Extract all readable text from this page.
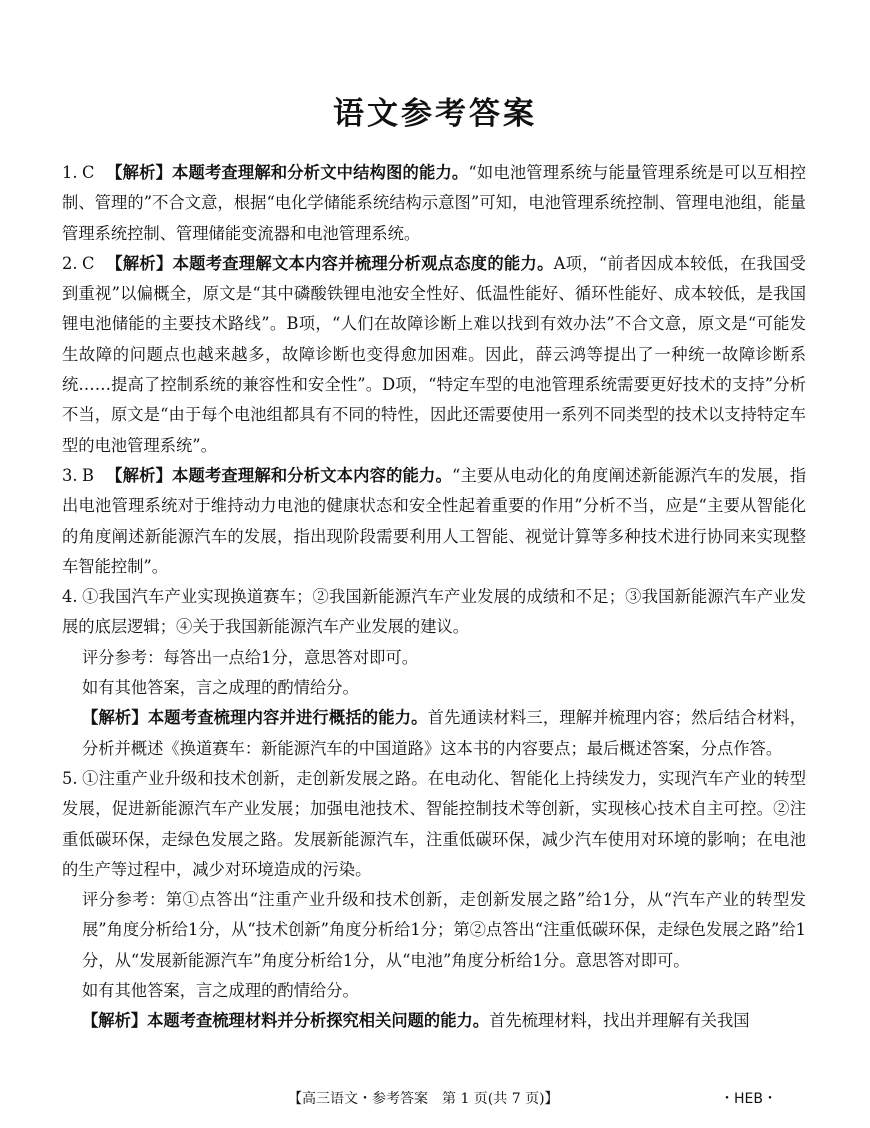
语文参考答案

1. C 【解析】本题考查理解和分析文中结构图的能力。“如电池管理系统与能量管理系统是可以互相控制、管理的”不合文意，根据“电化学储能系统结构示意图”可知，电池管理系统控制、管理电池组，能量管理系统控制、管理储能变流器和电池管理系统。

2. C 【解析】本题考查理解文本内容并梳理分析观点态度的能力。A项，“前者因成本较低，在我国受到重视”以偏概全，原文是“其中磷酸铁锂电池安全性好、低温性能好、循环性能好、成本较低，是我国锂电池储能的主要技术路线”。B项，“人们在故障诊断上难以找到有效办法”不合文意，原文是“可能发生故障的问题点也越来越多，故障诊断也变得愈加困难。因此，薛云鸿等提出了一种统一故障诊断系统……提高了控制系统的兼容性和安全性”。D项，“特定车型的电池管理系统需要更好技术的支持”分析不当，原文是“由于每个电池组都具有不同的特性，因此还需要使用一系列不同类型的技术以支持特定车型的电池管理系统”。

3. B 【解析】本题考查理解和分析文本内容的能力。“主要从电动化的角度阐述新能源汽车的发展，指出电池管理系统对于维持动力电池的健康状态和安全性起着重要的作用”分析不当，应是“主要从智能化的角度阐述新能源汽车的发展，指出现阶段需要利用人工智能、视觉计算等多种技术进行协同来实现整车智能控制”。

4. ①我国汽车产业实现换道赛车；②我国新能源汽车产业发展的成绩和不足；③我国新能源汽车产业发展的底层逻辑；④关于我国新能源汽车产业发展的建议。

评分参考：每答出一点给1分，意思答对即可。

如有其他答案，言之成理的酌情给分。

【解析】本题考查梳理内容并进行概括的能力。首先通读材料三，理解并梳理内容；然后结合材料，分析并概述《换道赛车：新能源汽车的中国道路》这本书的内容要点；最后概述答案，分点作答。

5. ①注重产业升级和技术创新，走创新发展之路。在电动化、智能化上持续发力，实现汽车产业的转型发展，促进新能源汽车产业发展；加强电池技术、智能控制技术等创新，实现核心技术自主可控。②注重低碳环保，走绿色发展之路。发展新能源汽车，注重低碳环保，减少汽车使用对环境的影响；在电池的生产等过程中，减少对环境造成的污染。

评分参考：第①点答出“注重产业升级和技术创新，走创新发展之路”给1分，从“汽车产业的转型发展”角度分析给1分，从“技术创新”角度分析给1分；第②点答出“注重低碳环保，走绿色发展之路”给1分，从“发展新能源汽车”角度分析给1分，从“电池”角度分析给1分。意思答对即可。

如有其他答案，言之成理的酌情给分。

【解析】本题考查梳理材料并分析探究相关问题的能力。首先梳理材料，找出并理解有关我国

【高三语文・参考答案　第 1 页(共 7 页)】	・HEB・
